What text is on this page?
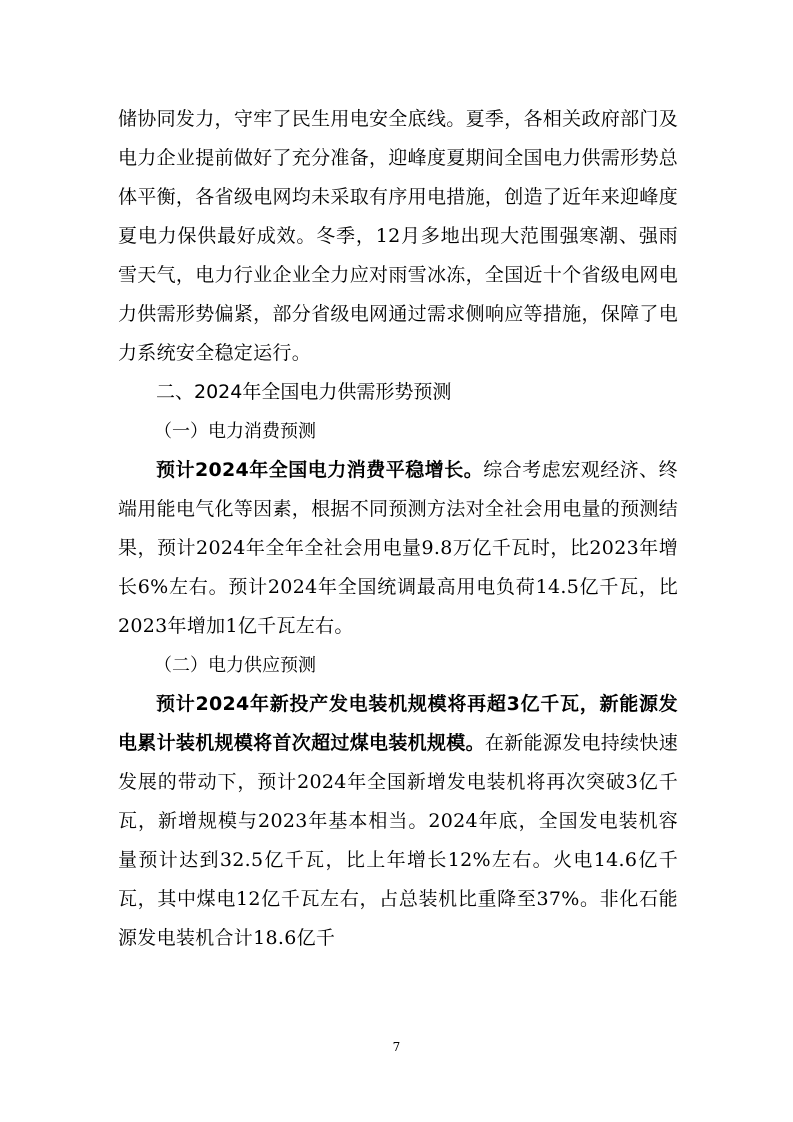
储协同发力，守牢了民生用电安全底线。夏季，各相关政府部门及电力企业提前做好了充分准备，迎峰度夏期间全国电力供需形势总体平衡，各省级电网均未采取有序用电措施，创造了近年来迎峰度夏电力保供最好成效。冬季，12月多地出现大范围强寒潮、强雨雪天气，电力行业企业全力应对雨雪冰冻，全国近十个省级电网电力供需形势偏紧，部分省级电网通过需求侧响应等措施，保障了电力系统安全稳定运行。

二、2024年全国电力供需形势预测

（一）电力消费预测

预计2024年全国电力消费平稳增长。综合考虑宏观经济、终端用能电气化等因素，根据不同预测方法对全社会用电量的预测结果，预计2024年全年全社会用电量9.8万亿千瓦时，比2023年增长6%左右。预计2024年全国统调最高用电负荷14.5亿千瓦，比2023年增加1亿千瓦左右。

（二）电力供应预测

预计2024年新投产发电装机规模将再超3亿千瓦，新能源发电累计装机规模将首次超过煤电装机规模。在新能源发电持续快速发展的带动下，预计2024年全国新增发电装机将再次突破3亿千瓦，新增规模与2023年基本相当。2024年底，全国发电装机容量预计达到32.5亿千瓦，比上年增长12%左右。火电14.6亿千瓦，其中煤电12亿千瓦左右，占总装机比重降至37%。非化石能源发电装机合计18.6亿千

7
